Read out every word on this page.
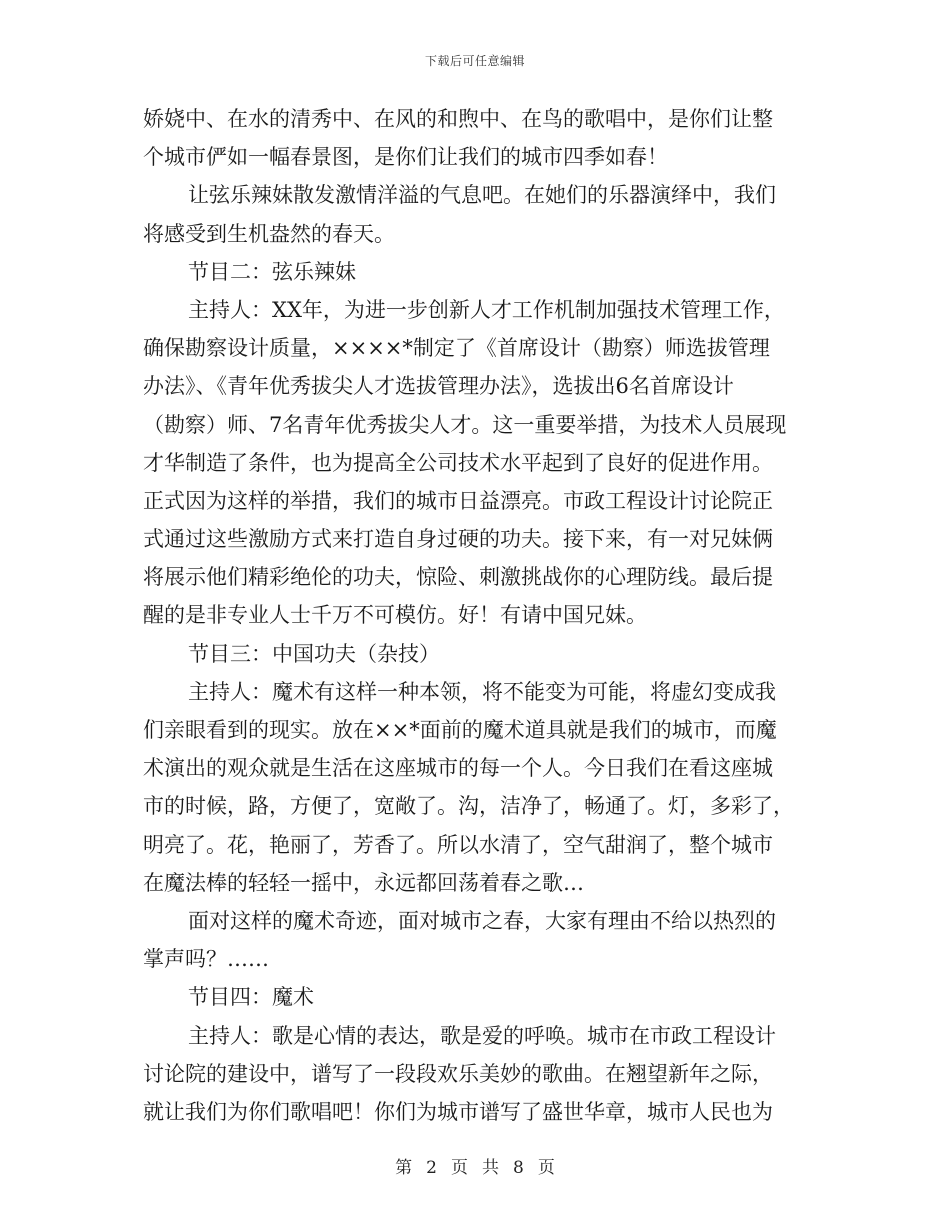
下载后可任意编辑
娇娆中、在水的清秀中、在风的和煦中、在鸟的歌唱中，是你们让整
个城市俨如一幅春景图，是你们让我们的城市四季如春！
让弦乐辣妹散发激情洋溢的气息吧。在她们的乐器演绎中，我们
将感受到生机盎然的春天。
节目二：弦乐辣妹
主持人：XX年，为进一步创新人才工作机制加强技术管理工作，
确保勘察设计质量，××××*制定了《首席设计（勘察）师选拔管理
办法》、《青年优秀拔尖人才选拔管理办法》，选拔出6名首席设计
（勘察）师、7名青年优秀拔尖人才。这一重要举措，为技术人员展现
才华制造了条件，也为提高全公司技术水平起到了良好的促进作用。
正式因为这样的举措，我们的城市日益漂亮。市政工程设计讨论院正
式通过这些激励方式来打造自身过硬的功夫。接下来，有一对兄妹俩
将展示他们精彩绝伦的功夫，惊险、刺激挑战你的心理防线。最后提
醒的是非专业人士千万不可模仿。好！有请中国兄妹。
节目三：中国功夫（杂技）
主持人：魔术有这样一种本领，将不能变为可能，将虚幻变成我
们亲眼看到的现实。放在××*面前的魔术道具就是我们的城市，而魔
术演出的观众就是生活在这座城市的每一个人。今日我们在看这座城
市的时候，路，方便了，宽敞了。沟，洁净了，畅通了。灯，多彩了，
明亮了。花，艳丽了，芳香了。所以水清了，空气甜润了，整个城市
在魔法棒的轻轻一摇中，永远都回荡着春之歌…
面对这样的魔术奇迹，面对城市之春，大家有理由不给以热烈的
掌声吗？……
节目四：魔术
主持人：歌是心情的表达，歌是爱的呼唤。城市在市政工程设计
讨论院的建设中，谱写了一段段欢乐美妙的歌曲。在翘望新年之际，
就让我们为你们歌唱吧！你们为城市谱写了盛世华章，城市人民也为
第 2 页 共 8 页
